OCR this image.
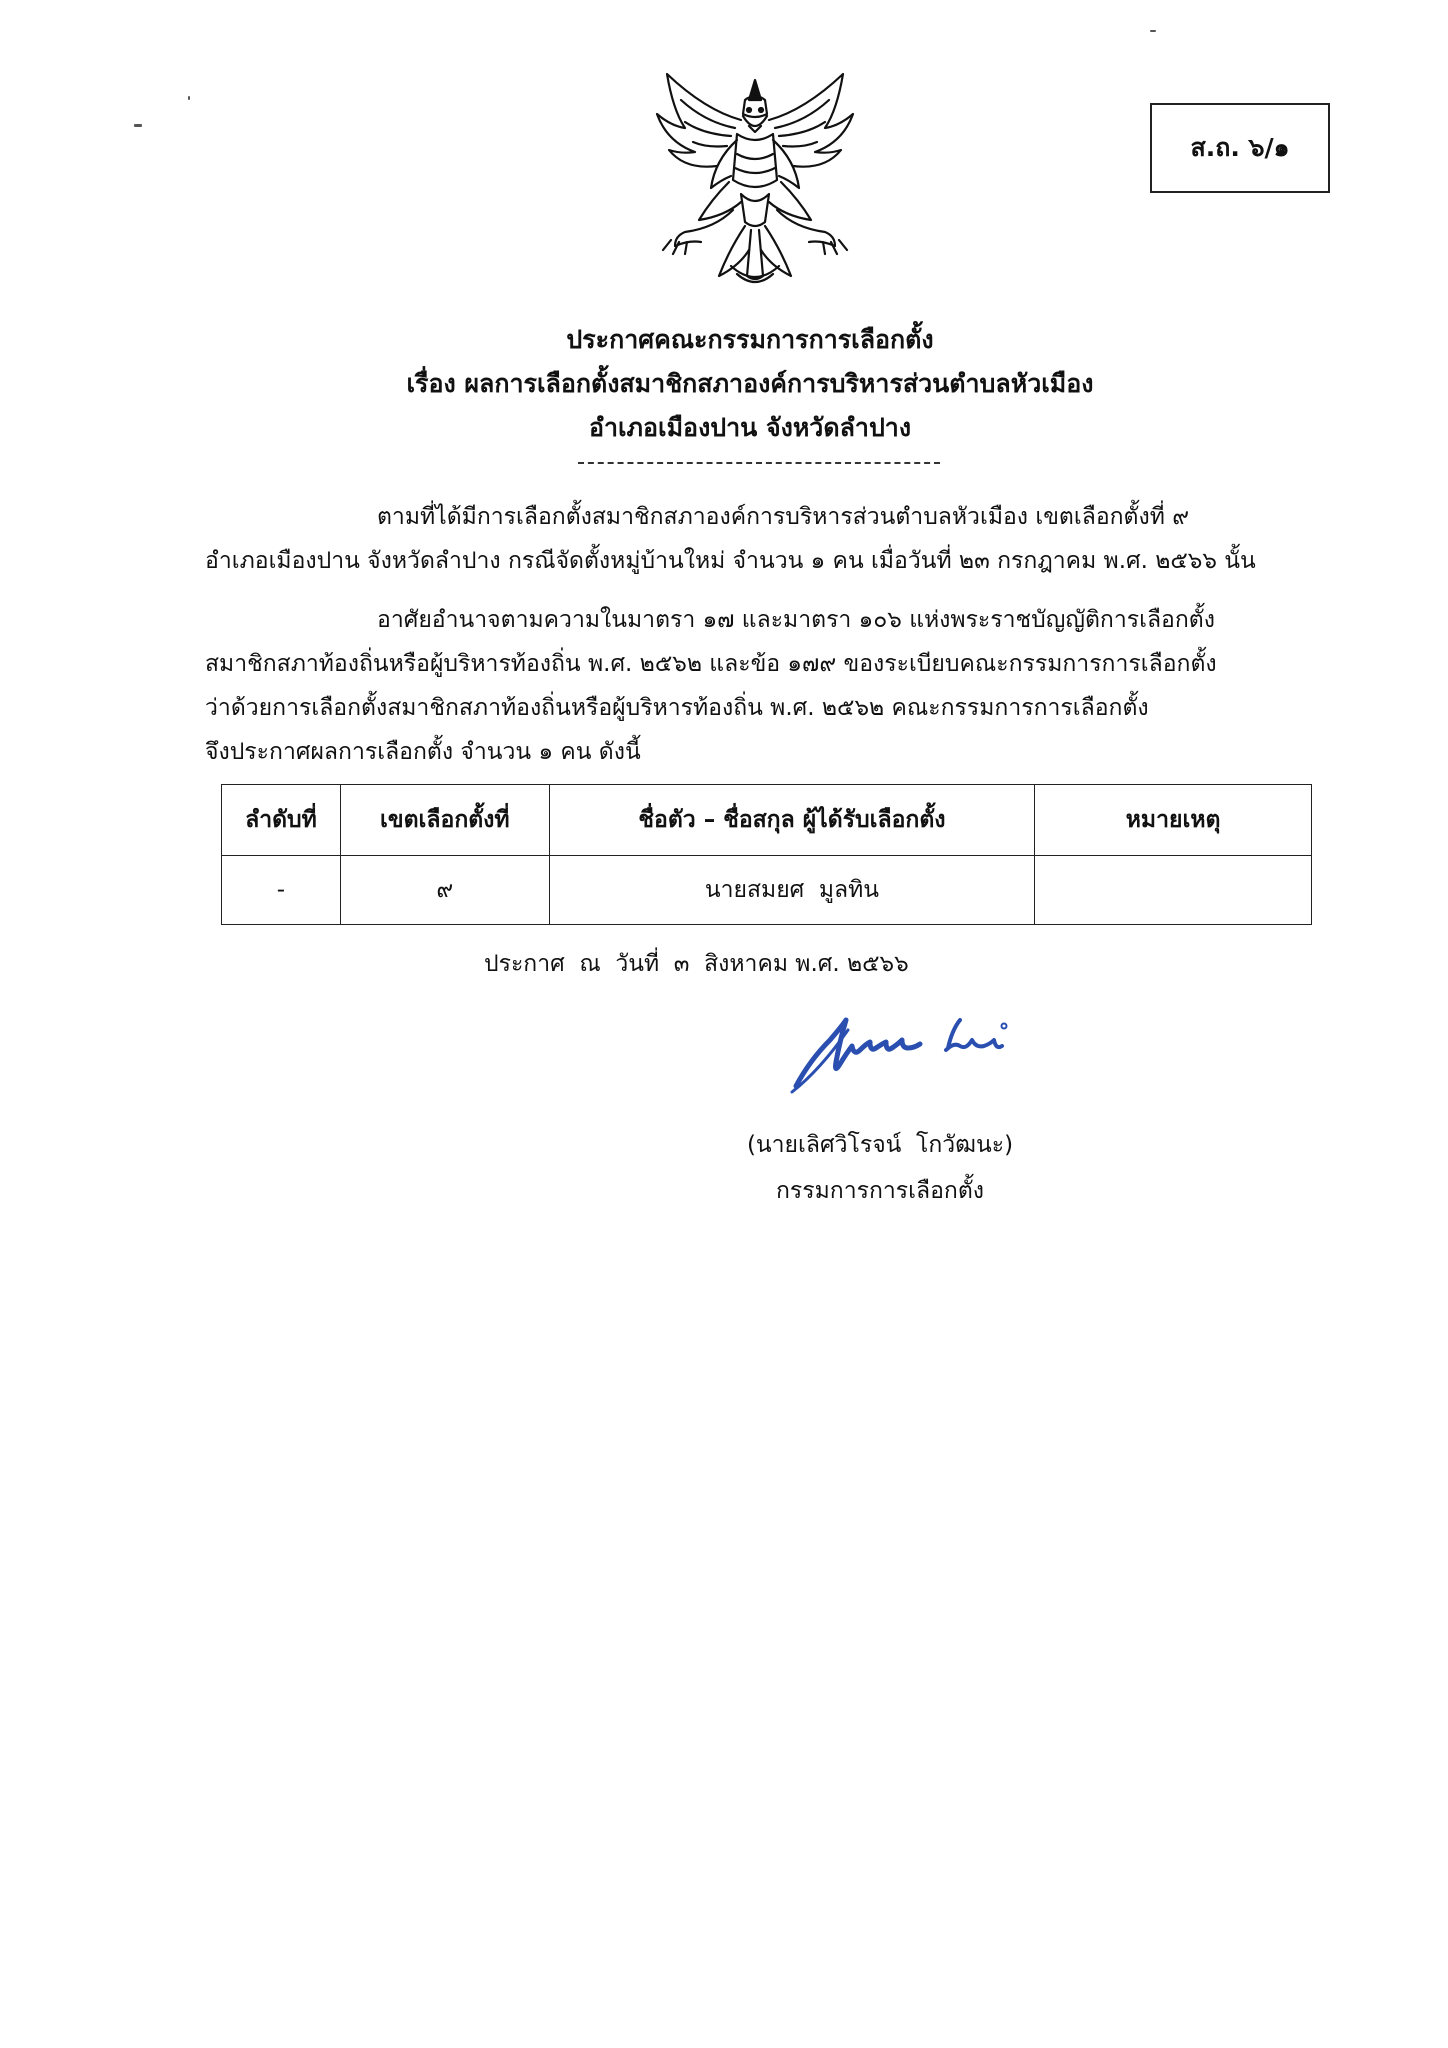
ส.ถ. ๖/๑
ประกาศคณะกรรมการการเลือกตั้ง
เรื่อง ผลการเลือกตั้งสมาชิกสภาองค์การบริหารส่วนตำบลหัวเมือง
อำเภอเมืองปาน จังหวัดลำปาง
ตามที่ได้มีการเลือกตั้งสมาชิกสภาองค์การบริหารส่วนตำบลหัวเมือง เขตเลือกตั้งที่ ๙
อำเภอเมืองปาน จังหวัดลำปาง กรณีจัดตั้งหมู่บ้านใหม่ จำนวน ๑ คน เมื่อวันที่ ๒๓ กรกฎาคม พ.ศ. ๒๕๖๖ นั้น
อาศัยอำนาจตามความในมาตรา ๑๗ และมาตรา ๑๐๖ แห่งพระราชบัญญัติการเลือกตั้ง
สมาชิกสภาท้องถิ่นหรือผู้บริหารท้องถิ่น พ.ศ. ๒๕๖๒ และข้อ ๑๗๙ ของระเบียบคณะกรรมการการเลือกตั้ง
ว่าด้วยการเลือกตั้งสมาชิกสภาท้องถิ่นหรือผู้บริหารท้องถิ่น พ.ศ. ๒๕๖๒ คณะกรรมการการเลือกตั้ง
จึงประกาศผลการเลือกตั้ง จำนวน ๑ คน ดังนี้
ลำดับที่	เขตเลือกตั้งที่	ชื่อตัว – ชื่อสกุล ผู้ได้รับเลือกตั้ง	หมายเหตุ
-	๙	นายสมยศ  มูลทิน	
ประกาศ  ณ  วันที่  ๓  สิงหาคม พ.ศ. ๒๕๖๖
(นายเลิศวิโรจน์  โกวัฒนะ)
กรรมการการเลือกตั้ง
